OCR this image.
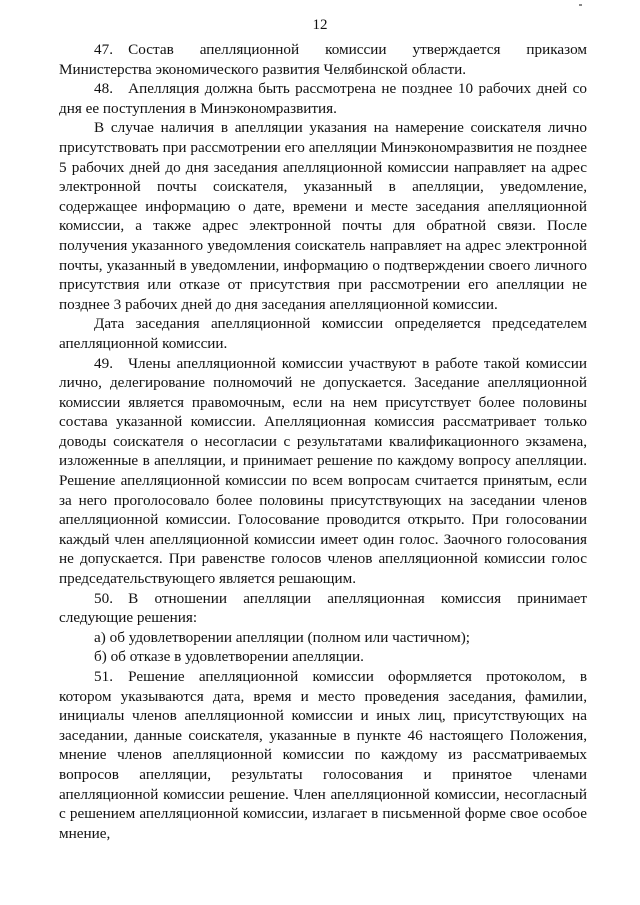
12

47. Состав апелляционной комиссии утверждается приказом Министерства экономического развития Челябинской области.

48. Апелляция должна быть рассмотрена не позднее 10 рабочих дней со дня ее поступления в Минэкономразвития.

В случае наличия в апелляции указания на намерение соискателя лично присутствовать при рассмотрении его апелляции Минэкономразвития не позднее 5 рабочих дней до дня заседания апелляционной комиссии направляет на адрес электронной почты соискателя, указанный в апелляции, уведомление, содержащее информацию о дате, времени и месте заседания апелляционной комиссии, а также адрес электронной почты для обратной связи. После получения указанного уведомления соискатель направляет на адрес электронной почты, указанный в уведомлении, информацию о подтверждении своего личного присутствия или отказе от присутствия при рассмотрении его апелляции не позднее 3 рабочих дней до дня заседания апелляционной комиссии.

Дата заседания апелляционной комиссии определяется председателем апелляционной комиссии.

49. Члены апелляционной комиссии участвуют в работе такой комиссии лично, делегирование полномочий не допускается. Заседание апелляционной комиссии является правомочным, если на нем присутствует более половины состава указанной комиссии. Апелляционная комиссия рассматривает только доводы соискателя о несогласии с результатами квалификационного экзамена, изложенные в апелляции, и принимает решение по каждому вопросу апелляции. Решение апелляционной комиссии по всем вопросам считается принятым, если за него проголосовало более половины присутствующих на заседании членов апелляционной комиссии. Голосование проводится открыто. При голосовании каждый член апелляционной комиссии имеет один голос. Заочного голосования не допускается. При равенстве голосов членов апелляционной комиссии голос председательствующего является решающим.

50. В отношении апелляции апелляционная комиссия принимает следующие решения:

а) об удовлетворении апелляции (полном или частичном);

б) об отказе в удовлетворении апелляции.

51. Решение апелляционной комиссии оформляется протоколом, в котором указываются дата, время и место проведения заседания, фамилии, инициалы членов апелляционной комиссии и иных лиц, присутствующих на заседании, данные соискателя, указанные в пункте 46 настоящего Положения, мнение членов апелляционной комиссии по каждому из рассматриваемых вопросов апелляции, результаты голосования и принятое членами апелляционной комиссии решение. Член апелляционной комиссии, несогласный с решением апелляционной комиссии, излагает в письменной форме свое особое мнение,
